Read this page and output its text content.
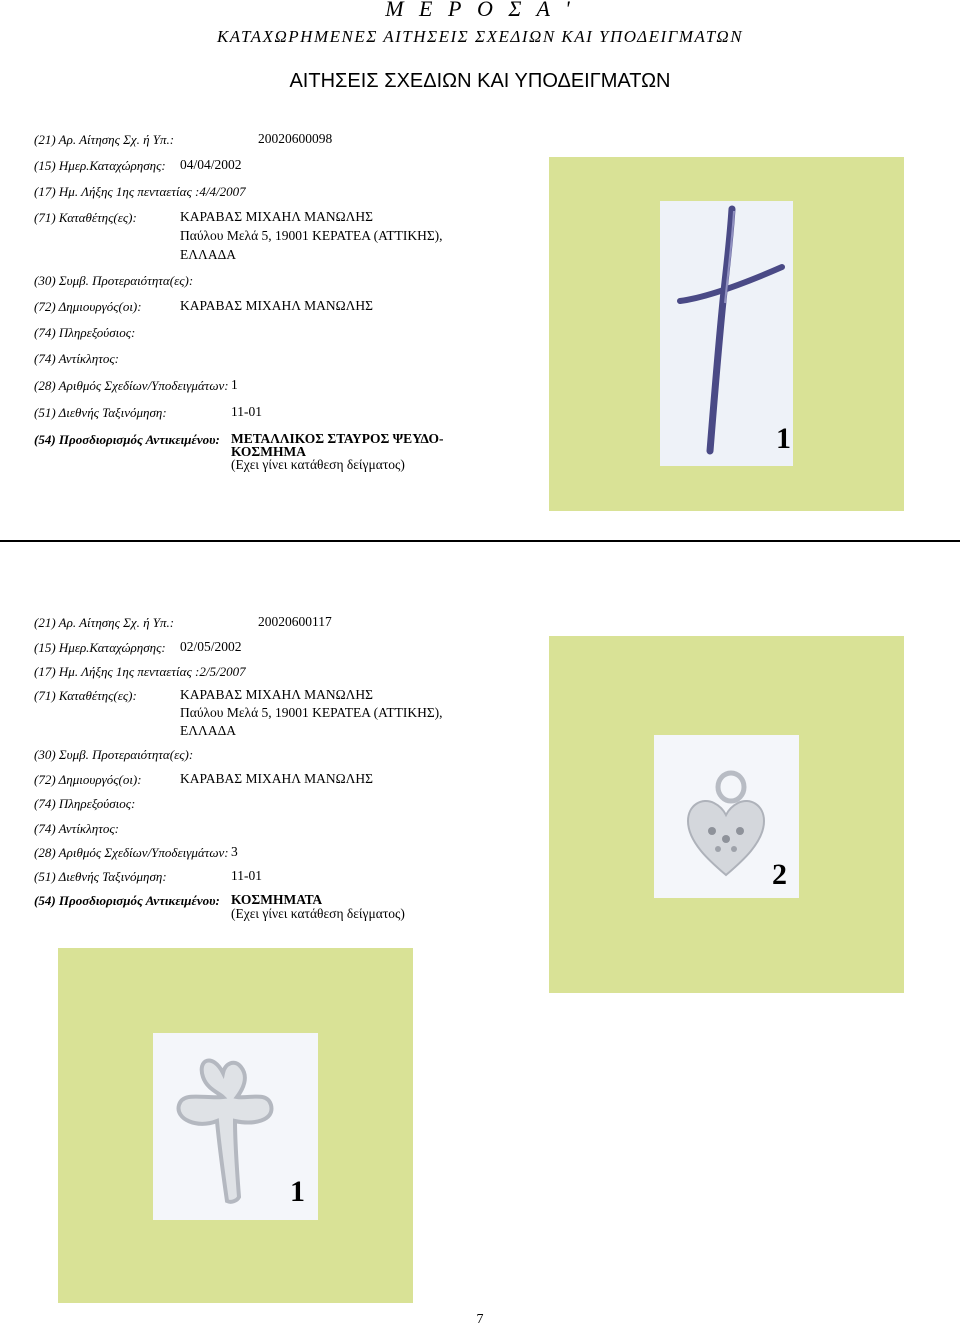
Μ Ε Ρ Ο Σ Α '
ΚΑΤΑΧΩΡΗΜΕΝΕΣ ΑΙΤΗΣΕΙΣ ΣΧΕΔΙΩΝ ΚΑΙ ΥΠΟΔΕΙΓΜΑΤΩΝ
ΑΙΤΗΣΕΙΣ ΣΧΕΔΙΩΝ ΚΑΙ ΥΠΟΔΕΙΓΜΑΤΩΝ
(21) Αρ. Αίτησης Σχ. ή Υπ.:	20020600098
(15) Ημερ.Καταχώρησης: 04/04/2002
(17) Ημ. Λήξης 1ης πενταετίας :4/4/2007
(71) Καταθέτης(ες):	ΚΑΡΑΒΑΣ ΜΙΧΑΗΛ ΜΑΝΩΛΗΣ
Παύλου Μελά 5, 19001 ΚΕΡΑΤΕΑ (ΑΤΤΙΚΗΣ),
ΕΛΛΑΔΑ
(30) Συμβ. Προτεραιότητα(ες):
(72) Δημιουργός(οι):	ΚΑΡΑΒΑΣ ΜΙΧΑΗΛ ΜΑΝΩΛΗΣ
(74) Πληρεξούσιος:
(74) Αντίκλητος:
(28) Αριθμός Σχεδίων/Υποδειγμάτων: 1
(51) Διεθνής Ταξινόμηση:	11-01
(54) Προσδιορισμός Αντικειμένου: ΜΕΤΑΛΛΙΚΟΣ ΣΤΑΥΡΟΣ ΨΕΥΔΟ-
ΚΟΣΜΗΜΑ
(Εχει γίνει κατάθεση δείγματος)
1
(21) Αρ. Αίτησης Σχ. ή Υπ.:	20020600117
(15) Ημερ.Καταχώρησης: 02/05/2002
(17) Ημ. Λήξης 1ης πενταετίας :2/5/2007
(71) Καταθέτης(ες):	ΚΑΡΑΒΑΣ ΜΙΧΑΗΛ ΜΑΝΩΛΗΣ
Παύλου Μελά 5, 19001 ΚΕΡΑΤΕΑ (ΑΤΤΙΚΗΣ),
ΕΛΛΑΔΑ
(30) Συμβ. Προτεραιότητα(ες):
(72) Δημιουργός(οι):	ΚΑΡΑΒΑΣ ΜΙΧΑΗΛ ΜΑΝΩΛΗΣ
(74) Πληρεξούσιος:
(74) Αντίκλητος:
(28) Αριθμός Σχεδίων/Υποδειγμάτων: 3
(51) Διεθνής Ταξινόμηση:	11-01
(54) Προσδιορισμός Αντικειμένου: ΚΟΣΜΗΜΑΤΑ
(Εχει γίνει κατάθεση δείγματος)
2
1
7
